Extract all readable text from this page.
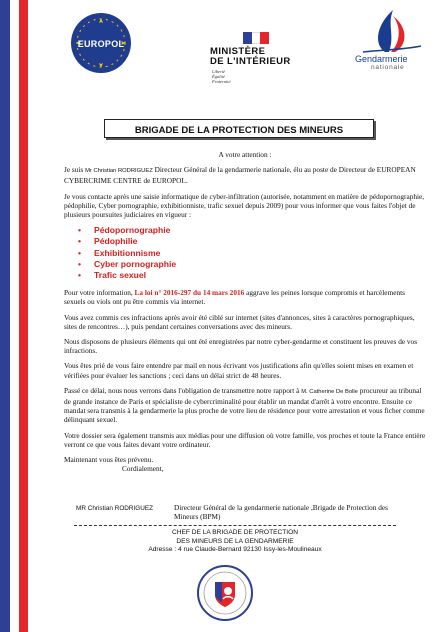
EUROPOL
MINISTÈRE
DE L'INTÉRIEUR
Liberté
Égalité
Fraternité
Gendarmerie
nationale
BRIGADE DE LA PROTECTION DES MINEURS

A votre attention :

Je suis Mr Christian RODRIGUEZ Directeur Général de la gendarmerie nationale, élu au poste de Directeur de EUROPEAN CYBERCRIME CENTRE de EUROPOL.

Je vous contacte après une saisie informatique de cyber-infiltration (autorisée, notamment en matière de pédopornographie, pédophilie, Cyber pornographie, exhibitionniste, trafic sexuel depuis 2009) pour vous informer que vous faites l'objet de plusieurs poursuites judiciaires en vigueur :

• Pédopornographie
• Pédophilie
• Exhibitionnisme
• Cyber pornographie
• Trafic sexuel

Pour votre information, La loi n° 2016-297 du 14 mars 2016 aggrave les peines lorsque compromis et harcèlements sexuels ou viols ont pu être commis via internet.

Vous avez commis ces infractions après avoir été ciblé sur internet (sites d'annonces, sites à caractères pornographiques, sites de rencontres…), puis pendant certaines conversations avec des mineurs.

Nous disposons de plusieurs éléments qui ont été enregistrées par notre cyber-gendarme et constituent les preuves de vos infractions.

Vous êtes prié de vous faire entendre par mail en nous écrivant vos justifications afin qu'elles soient mises en examen et vérifiées pour évaluer les sanctions ; ceci dans un délai strict de 48 heures.

Passé ce délai, nous nous verrons dans l'obligation de transmettre notre rapport à M. Catherine De Bolle procureur au tribunal de grande instance de Paris et spécialiste de cybercriminalité pour établir un mandat d'arrêt à votre encontre. Ensuite ce mandat sera transmis à la gendarmerie la plus proche de votre lieu de résidence pour votre arrestation et vous ficher comme délinquant sexuel.

Votre dossier sera également transmis aux médias pour une diffusion où votre famille, vos proches et toute la France entière verront ce que vous faites devant votre ordinateur.

Maintenant vous êtes prévenu.

Cordialement,

MR Christian RODRIGUEZ	Directeur Général de la gendarmerie nationale ,Brigade de Protection des Mineurs (BPM)
CHEF DE LA BRIGADE DE PROTECTION
DES MINEURS DE LA GENDARMERIE
Adresse : 4 rue Claude-Bernard 92130 Issy-les-Moulineaux
